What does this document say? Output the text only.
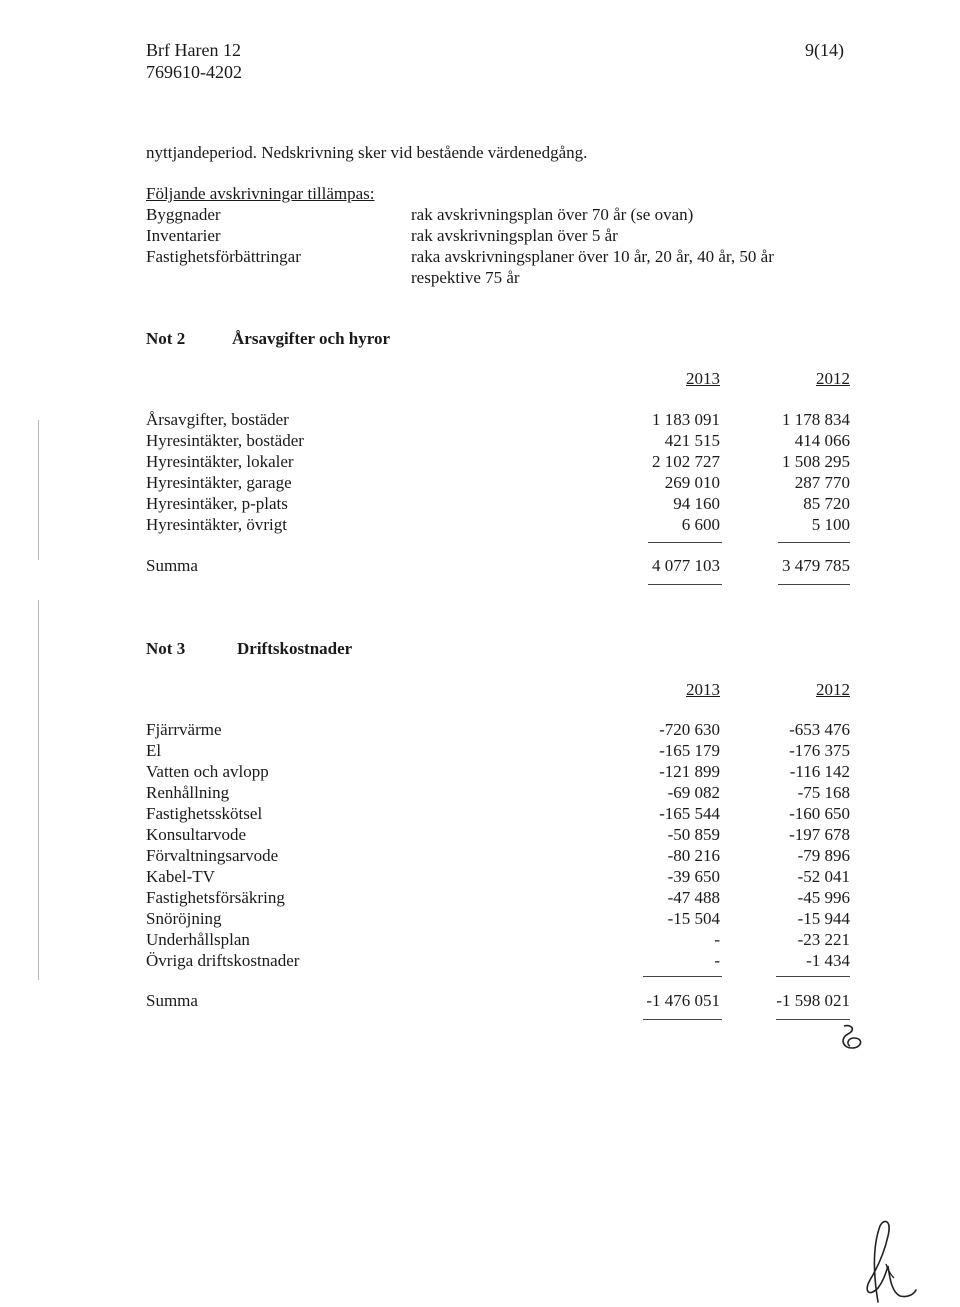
Brf Haren 12
769610-4202
9(14)
nyttjandeperiod. Nedskrivning sker vid bestående värdenedgång.
Följande avskrivningar tillämpas:
Byggnader	rak avskrivningsplan över 70 år (se ovan)
Inventarier	rak avskrivningsplan över 5 år
Fastighetsförbättringar	raka avskrivningsplaner över 10 år, 20 år, 40 år, 50 år
respektive 75 år
Not 2	Årsavgifter och hyror
2013	2012
Årsavgifter, bostäder	1 183 091	1 178 834
Hyresintäkter, bostäder	421 515	414 066
Hyresintäkter, lokaler	2 102 727	1 508 295
Hyresintäkter, garage	269 010	287 770
Hyresintäker, p-plats	94 160	85 720
Hyresintäkter, övrigt	6 600	5 100
Summa	4 077 103	3 479 785
Not 3	Driftskostnader
2013	2012
Fjärrvärme	-720 630	-653 476
El	-165 179	-176 375
Vatten och avlopp	-121 899	-116 142
Renhållning	-69 082	-75 168
Fastighetsskötsel	-165 544	-160 650
Konsultarvode	-50 859	-197 678
Förvaltningsarvode	-80 216	-79 896
Kabel-TV	-39 650	-52 041
Fastighetsförsäkring	-47 488	-45 996
Snöröjning	-15 504	-15 944
Underhållsplan	-	-23 221
Övriga driftskostnader	-	-1 434
Summa	-1 476 051	-1 598 021
